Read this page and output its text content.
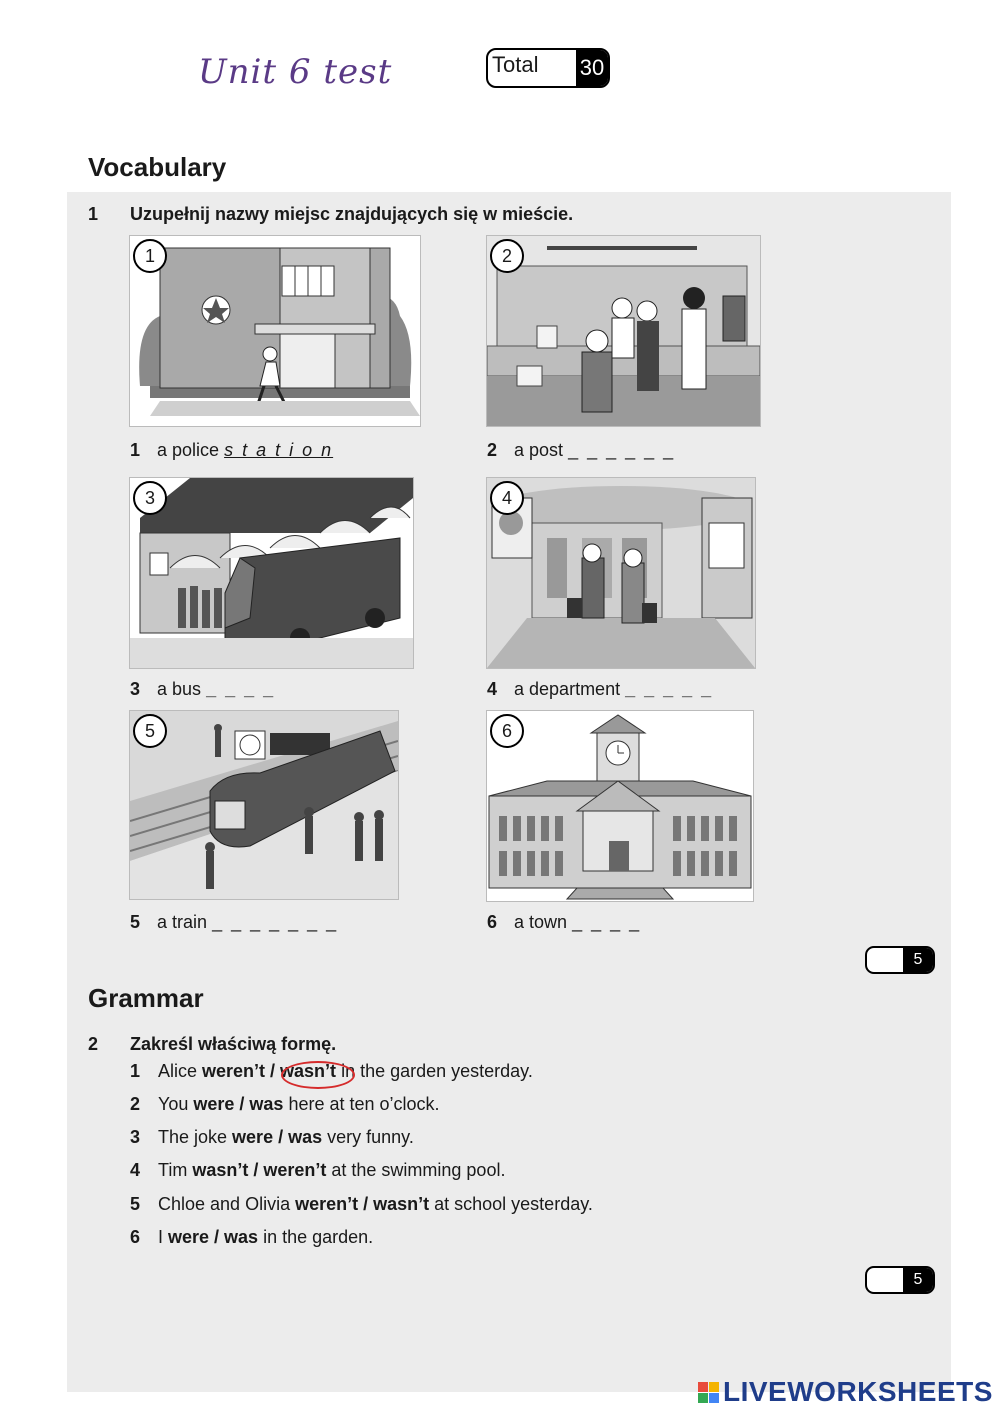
Unit 6 test	Total	30
Vocabulary
1 Uzupełnij nazwy miejsc znajdujących się w mieście.
1	2
1 a police s t a t i o n	2 a post _ _ _ _ _ _
3	4
3 a bus _ _ _ _	4 a department _ _ _ _ _
5	6
5 a train _ _ _ _ _ _ _	6 a town _ _ _ _
5
Grammar
2 Zakreśl właściwą formę.
1 Alice weren’t / wasn’t in the garden yesterday.
2 You were / was here at ten o’clock.
3 The joke were / was very funny.
4 Tim wasn’t / weren’t at the swimming pool.
5 Chloe and Olivia weren’t / wasn’t at school yesterday.
6 I were / was in the garden.
5
LIVEWORKSHEETS
